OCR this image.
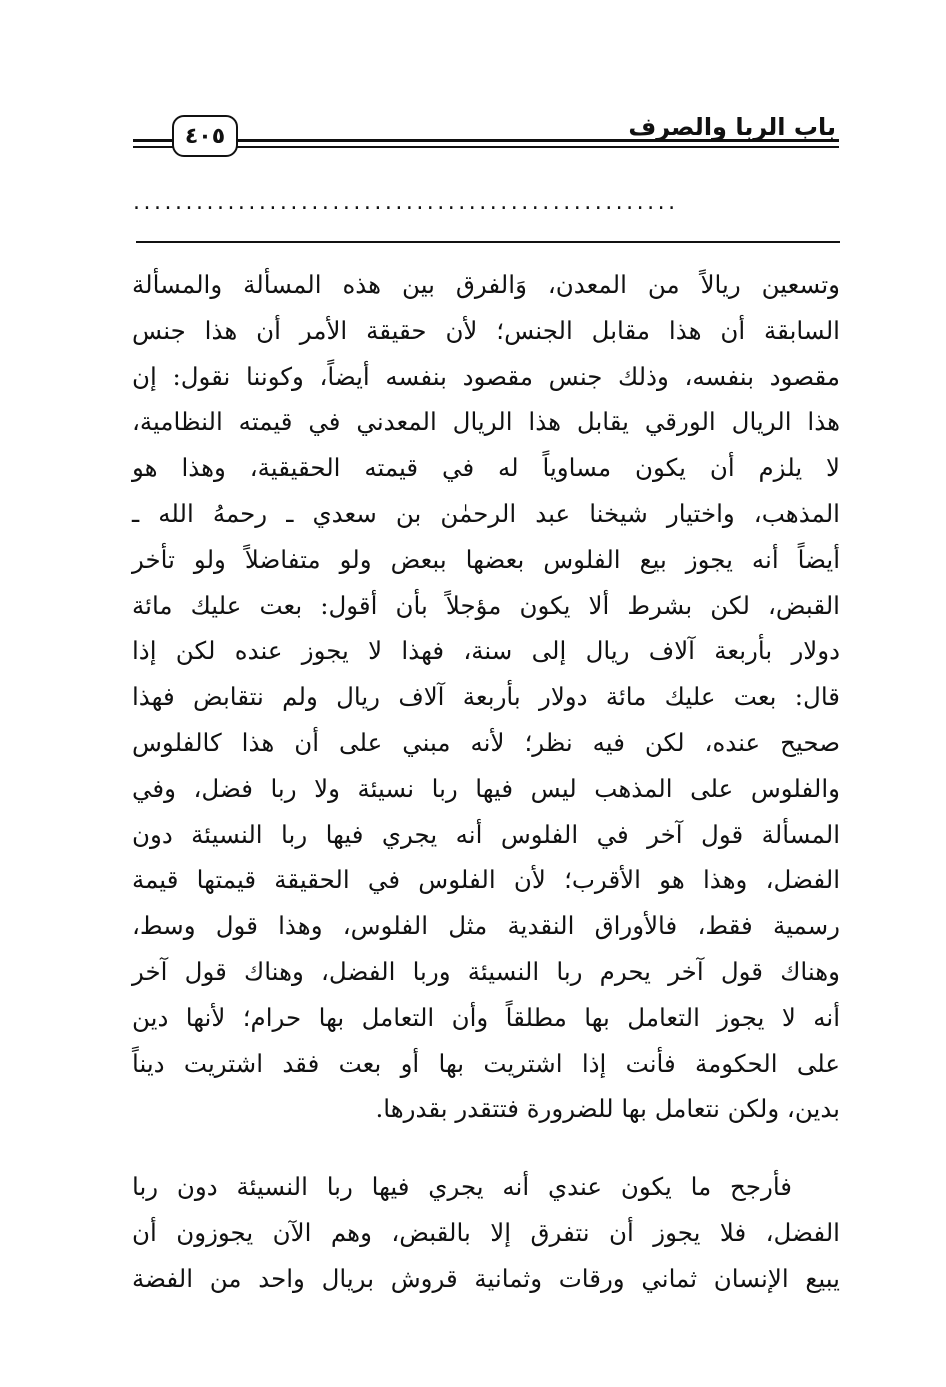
باب الربا والصرف
٤٠٥
....................................................
وتسعين ريالاً من المعدن، وَالفرق بين هذه المسألة والمسألة
السابقة أن هذا مقابل الجنس؛ لأن حقيقة الأمر أن هذا جنس
مقصود بنفسه، وذلك جنس مقصود بنفسه أيضاً، وكوننا نقول: إن
هذا الريال الورقي يقابل هذا الريال المعدني في قيمته النظامية،
لا يلزم أن يكون مساوياً له في قيمته الحقيقية، وهذا هو
المذهب، واختيار شيخنا عبد الرحمٰن بن سعدي ـ رحمهُ الله ـ
أيضاً أنه يجوز بيع الفلوس بعضها ببعض ولو متفاضلاً ولو تأخر
القبض، لكن بشرط ألا يكون مؤجلاً بأن أقول: بعت عليك مائة
دولار بأربعة آلاف ريال إلى سنة، فهذا لا يجوز عنده لكن إذا
قال: بعت عليك مائة دولار بأربعة آلاف ريال ولم نتقابض فهذا
صحيح عنده، لكن فيه نظر؛ لأنه مبني على أن هذا كالفلوس
والفلوس على المذهب ليس فيها ربا نسيئة ولا ربا فضل، وفي
المسألة قول آخر في الفلوس أنه يجري فيها ربا النسيئة دون
الفضل، وهذا هو الأقرب؛ لأن الفلوس في الحقيقة قيمتها قيمة
رسمية فقط، فالأوراق النقدية مثل الفلوس، وهذا قول وسط،
وهناك قول آخر يحرم ربا النسيئة وربا الفضل، وهناك قول آخر
أنه لا يجوز التعامل بها مطلقاً وأن التعامل بها حرام؛ لأنها دين
على الحكومة فأنت إذا اشتريت بها أو بعت فقد اشتريت ديناً
بدين، ولكن نتعامل بها للضرورة فتتقدر بقدرها.
فأرجح ما يكون عندي أنه يجري فيها ربا النسيئة دون ربا
الفضل، فلا يجوز أن نتفرق إلا بالقبض، وهم الآن يجوزون أن
يبيع الإنسان ثماني ورقات وثمانية قروش بريال واحد من الفضة
